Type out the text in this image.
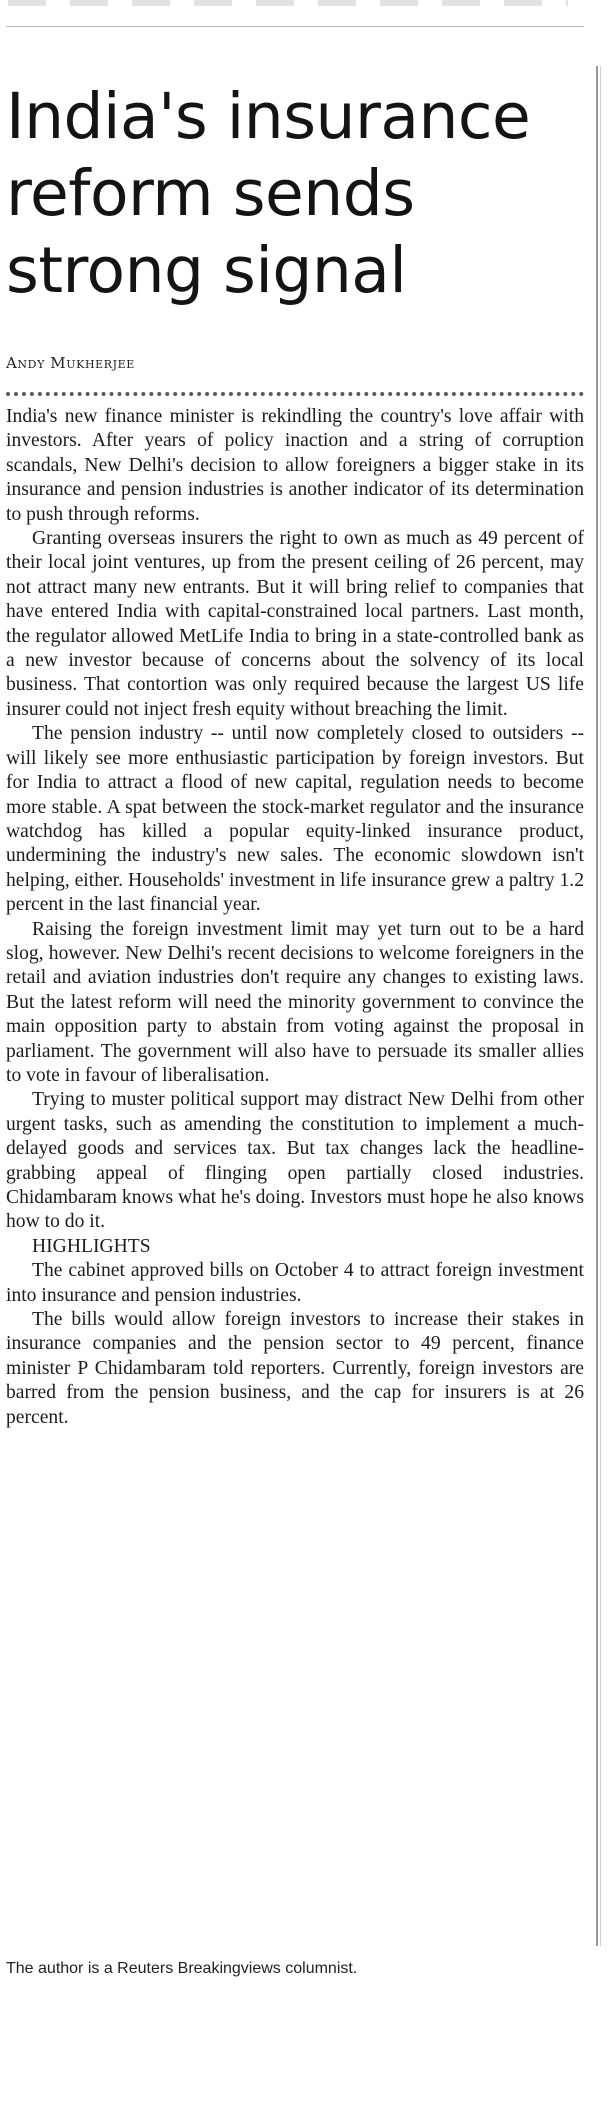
India's insurance reform sends strong signal

Andy Mukherjee

India's new finance minister is rekindling the country's love affair with investors. After years of policy inaction and a string of corruption scandals, New Delhi's decision to allow foreigners a bigger stake in its insurance and pension industries is another indicator of its determination to push through reforms.

Granting overseas insurers the right to own as much as 49 percent of their local joint ventures, up from the present ceiling of 26 percent, may not attract many new entrants. But it will bring relief to companies that have entered India with capital-constrained local partners. Last month, the regulator allowed MetLife India to bring in a state-controlled bank as a new investor because of concerns about the solvency of its local business. That contortion was only required because the largest US life insurer could not inject fresh equity without breaching the limit.

The pension industry -- until now completely closed to outsiders -- will likely see more enthusiastic participation by foreign investors. But for India to attract a flood of new capital, regulation needs to become more stable. A spat between the stock-market regulator and the insurance watchdog has killed a popular equity-linked insurance product, undermining the industry's new sales. The economic slowdown isn't helping, either. Households' investment in life insurance grew a paltry 1.2 percent in the last financial year.

Raising the foreign investment limit may yet turn out to be a hard slog, however. New Delhi's recent decisions to welcome foreigners in the retail and aviation industries don't require any changes to existing laws. But the latest reform will need the minority government to convince the main opposition party to abstain from voting against the proposal in parliament. The government will also have to persuade its smaller allies to vote in favour of liberalisation.

Trying to muster political support may distract New Delhi from other urgent tasks, such as amending the constitution to implement a much-delayed goods and services tax. But tax changes lack the headline-grabbing appeal of flinging open partially closed industries. Chidambaram knows what he's doing. Investors must hope he also knows how to do it.

HIGHLIGHTS

The cabinet approved bills on October 4 to attract foreign investment into insurance and pension industries.

The bills would allow foreign investors to increase their stakes in insurance companies and the pension sector to 49 percent, finance minister P Chidambaram told reporters. Currently, foreign investors are barred from the pension business, and the cap for insurers is at 26 percent.

The author is a Reuters Breakingviews columnist.
